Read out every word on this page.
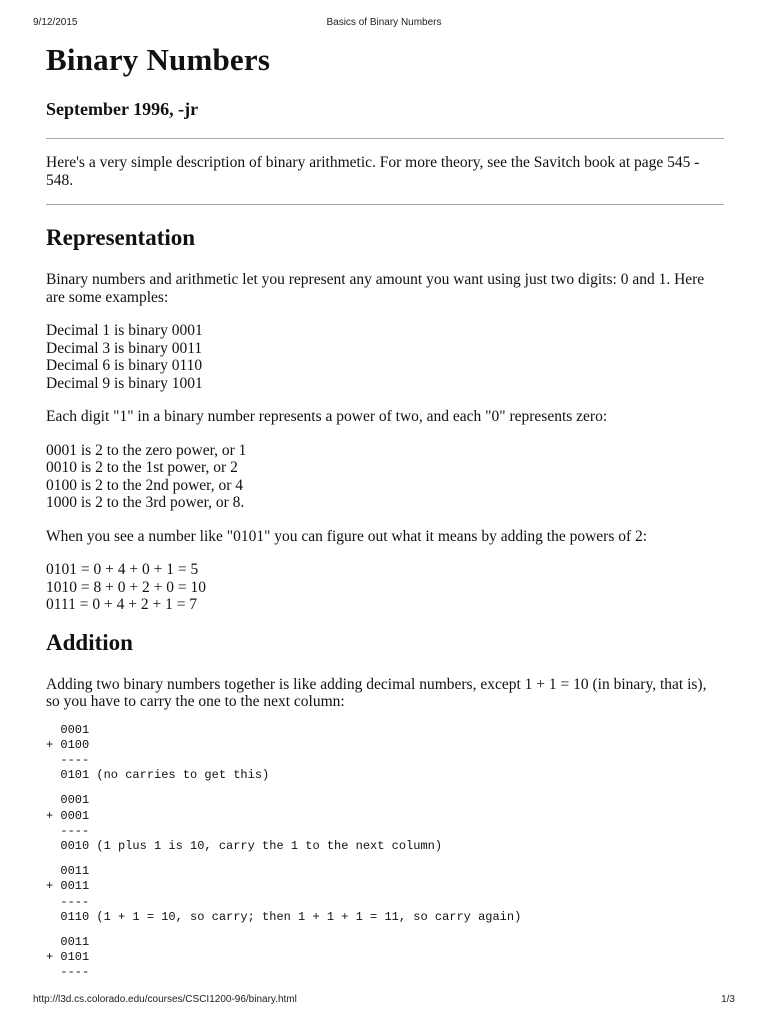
9/12/2015	Basics of Binary Numbers
Binary Numbers
September 1996, -jr

Here's a very simple description of binary arithmetic. For more theory, see the Savitch book at page 545 - 548.

Representation

Binary numbers and arithmetic let you represent any amount you want using just two digits: 0 and 1. Here are some examples:

Decimal 1 is binary 0001
Decimal 3 is binary 0011
Decimal 6 is binary 0110
Decimal 9 is binary 1001

Each digit "1" in a binary number represents a power of two, and each "0" represents zero:

0001 is 2 to the zero power, or 1
0010 is 2 to the 1st power, or 2
0100 is 2 to the 2nd power, or 4
1000 is 2 to the 3rd power, or 8.

When you see a number like "0101" you can figure out what it means by adding the powers of 2:

0101 = 0 + 4 + 0 + 1 = 5
1010 = 8 + 0 + 2 + 0 = 10
0111 = 0 + 4 + 2 + 1 = 7
Addition

Adding two binary numbers together is like adding decimal numbers, except 1 + 1 = 10 (in binary, that is), so you have to carry the one to the next column:

0001
+ 0100
----
0101 (no carries to get this)
0001
+ 0001
----
0010 (1 plus 1 is 10, carry the 1 to the next column)
0011
+ 0011
----
0110 (1 + 1 = 10, so carry; then 1 + 1 + 1 = 11, so carry again)
0011
+ 0101
----
http://l3d.cs.colorado.edu/courses/CSCI1200-96/binary.html	1/3
